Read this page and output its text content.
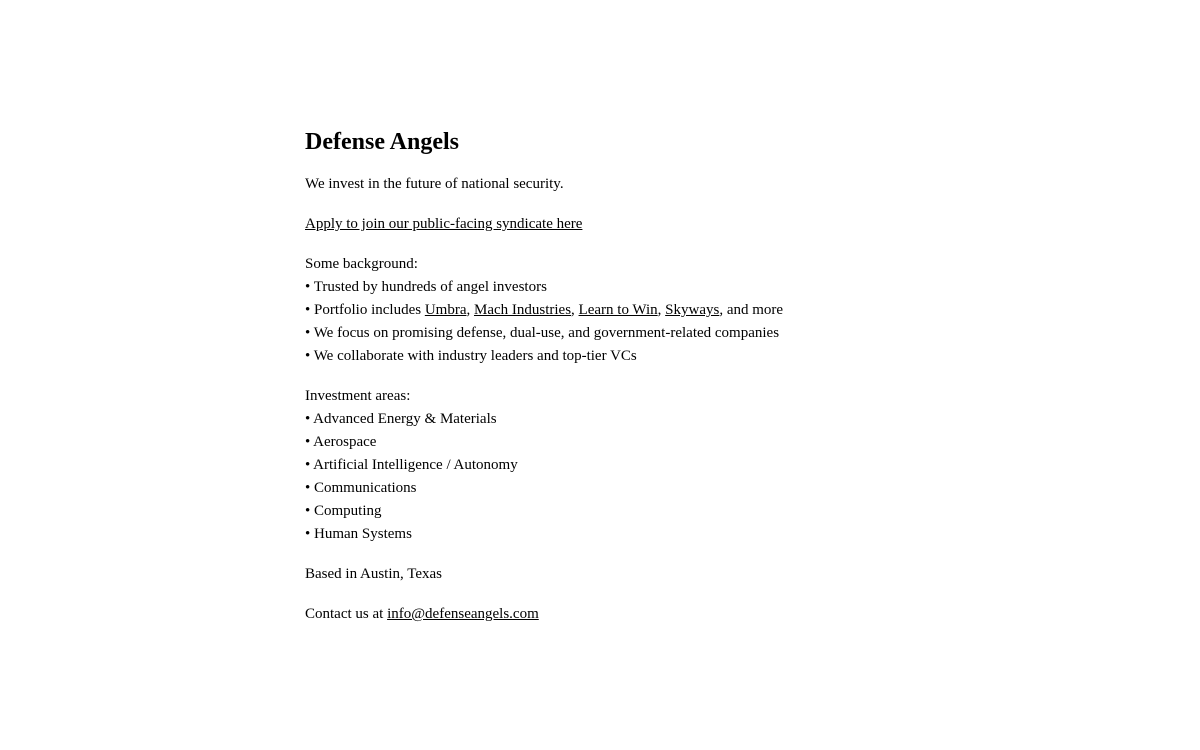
Defense Angels

We invest in the future of national security.

Apply to join our public-facing syndicate here

Some background:
• Trusted by hundreds of angel investors
• Portfolio includes Umbra, Mach Industries, Learn to Win, Skyways, and more
• We focus on promising defense, dual-use, and government-related companies
• We collaborate with industry leaders and top-tier VCs

Investment areas:
• Advanced Energy & Materials
• Aerospace
• Artificial Intelligence / Autonomy
• Communications
• Computing
• Human Systems

Based in Austin, Texas

Contact us at info@defenseangels.com
